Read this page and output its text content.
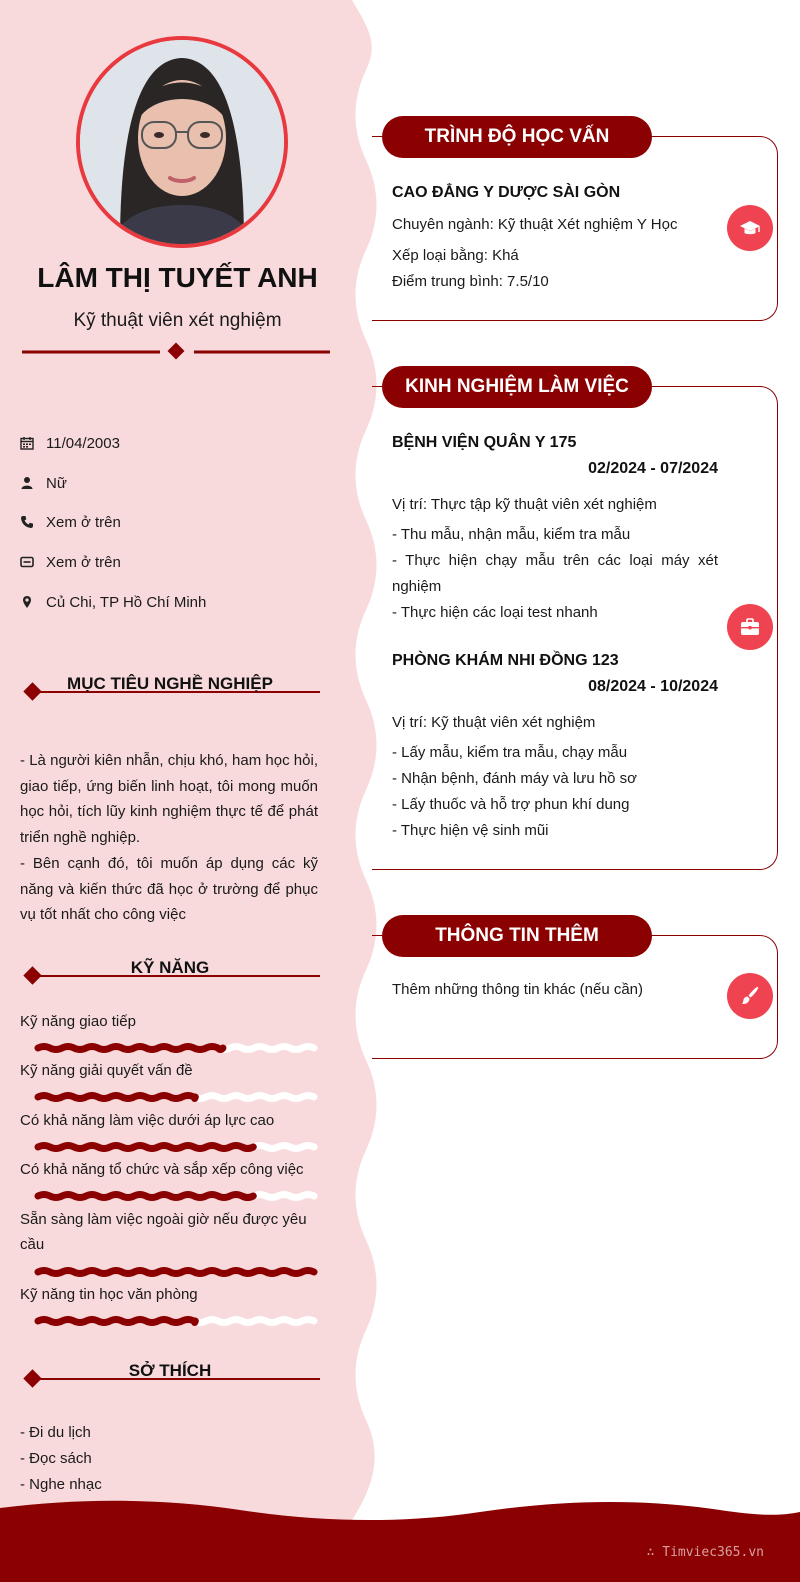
LÂM THỊ TUYẾT ANH
Kỹ thuật viên xét nghiệm
11/04/2003
Nữ
Xem ở trên
Xem ở trên
Củ Chi, TP Hồ Chí Minh
MỤC TIÊU NGHỀ NGHIỆP
- Là người kiên nhẫn, chịu khó, ham học hỏi, giao tiếp, ứng biến linh hoạt, tôi mong muốn học hỏi, tích lũy kinh nghiệm thực tế để phát triển nghề nghiệp.
- Bên cạnh đó, tôi muốn áp dụng các kỹ năng và kiến thức đã học ở trường để phục vụ tốt nhất cho công việc
KỸ NĂNG
Kỹ năng giao tiếp
Kỹ năng giải quyết vấn đề
Có khả năng làm việc dưới áp lực cao
Có khả năng tổ chức và sắp xếp công việc
Sẵn sàng làm việc ngoài giờ nếu được yêu cầu
Kỹ năng tin học văn phòng
SỞ THÍCH
- Đi du lịch
- Đọc sách
- Nghe nhạc
TRÌNH ĐỘ HỌC VẤN
CAO ĐẲNG Y DƯỢC SÀI GÒN
Chuyên ngành: Kỹ thuật Xét nghiệm Y Học
Xếp loại bằng: Khá
Điểm trung bình: 7.5/10
KINH NGHIỆM LÀM VIỆC
BỆNH VIỆN QUÂN Y 175
02/2024 - 07/2024
Vị trí: Thực tập kỹ thuật viên xét nghiệm
- Thu mẫu, nhận mẫu, kiểm tra mẫu
- Thực hiện chạy mẫu trên các loại máy xét nghiệm
- Thực hiện các loại test nhanh
PHÒNG KHÁM NHI ĐỒNG 123
08/2024 - 10/2024
Vị trí: Kỹ thuật viên xét nghiệm
- Lấy mẫu, kiểm tra mẫu, chạy mẫu
- Nhận bệnh, đánh máy và lưu hồ sơ
- Lấy thuốc và hỗ trợ phun khí dung
- Thực hiện vệ sinh mũi
THÔNG TIN THÊM
Thêm những thông tin khác (nếu cần)
∴ Timviec365.vn
